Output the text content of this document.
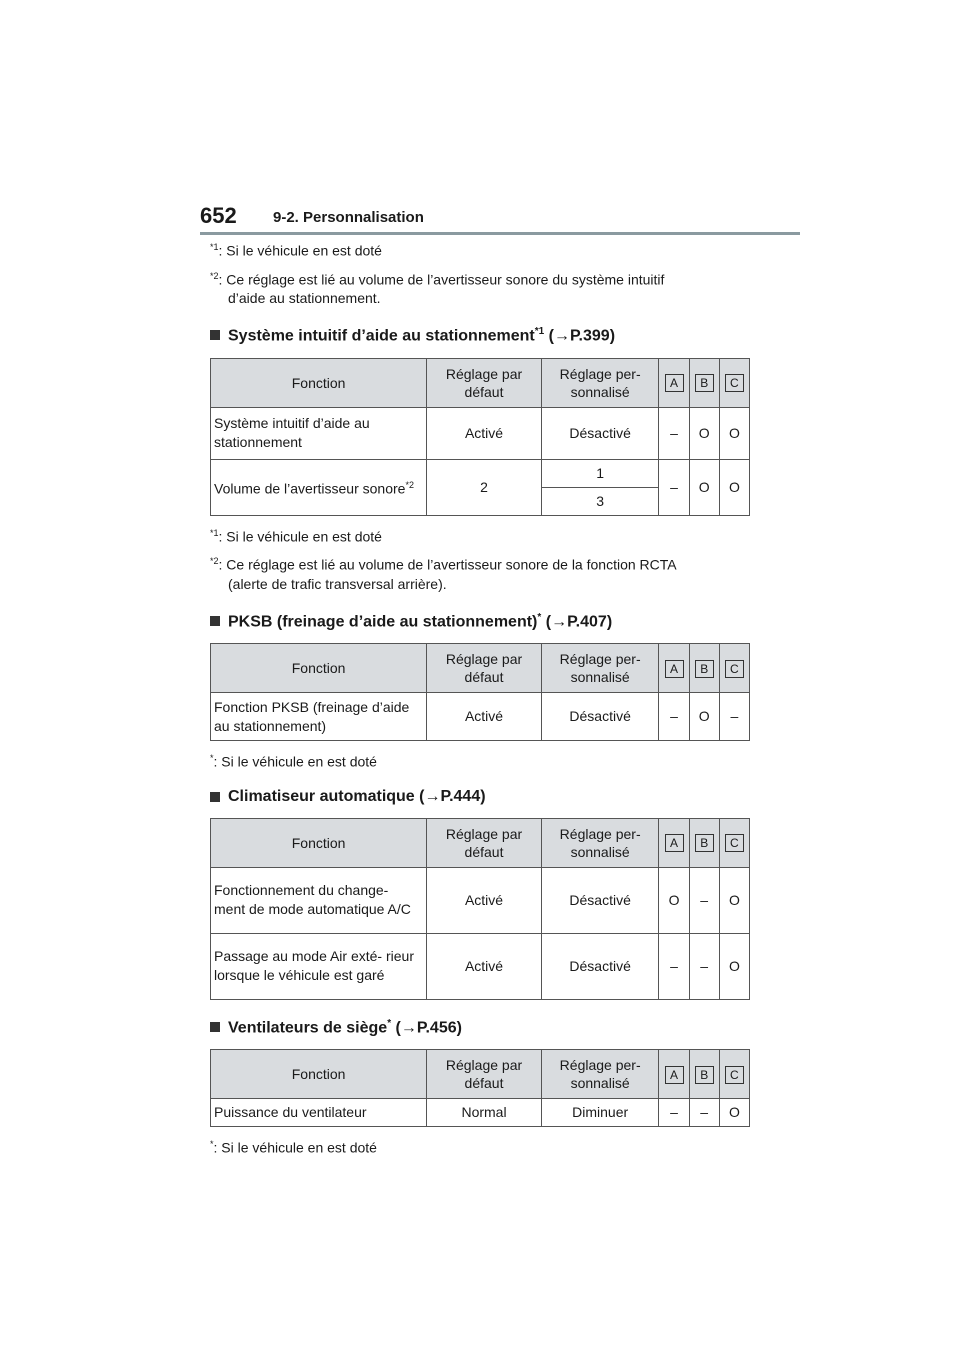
652 9-2. Personnalisation
$^{*1}$: Si le véhicule en est doté
$^{*2}$: Ce réglage est lié au volume de l’avertisseur sonore du système intuitif
d’aide au stationnement.
Système intuitif d’aide au stationnement$^{*1}$ (→P.399)
Fonction	Réglage par défaut	Réglage per- sonnalisé	A	B	C
Système intuitif d’aide au stationnement	Activé	Désactivé	–	O	O
Volume de l’avertisseur sonore$^{*2}$	2	1	–	O	O
		3			
$^{*1}$: Si le véhicule en est doté
$^{*2}$: Ce réglage est lié au volume de l’avertisseur sonore de la fonction RCTA
(alerte de trafic transversal arrière).
PKSB (freinage d’aide au stationnement)* (→P.407)
Fonction	Réglage par défaut	Réglage per- sonnalisé	A	B	C
Fonction PKSB (freinage d’aide au stationnement)	Activé	Désactivé	–	O	–
*: Si le véhicule en est doté
Climatiseur automatique (→P.444)
Fonction	Réglage par défaut	Réglage per- sonnalisé	A	B	C
Fonctionnement du change- ment de mode automatique A/C	Activé	Désactivé	O	–	O
Passage au mode Air exté- rieur lorsque le véhicule est garé	Activé	Désactivé	–	–	O
Ventilateurs de siège* (→P.456)
Fonction	Réglage par défaut	Réglage per- sonnalisé	A	B	C
Puissance du ventilateur	Normal	Diminuer	–	–	O
*: Si le véhicule en est doté
